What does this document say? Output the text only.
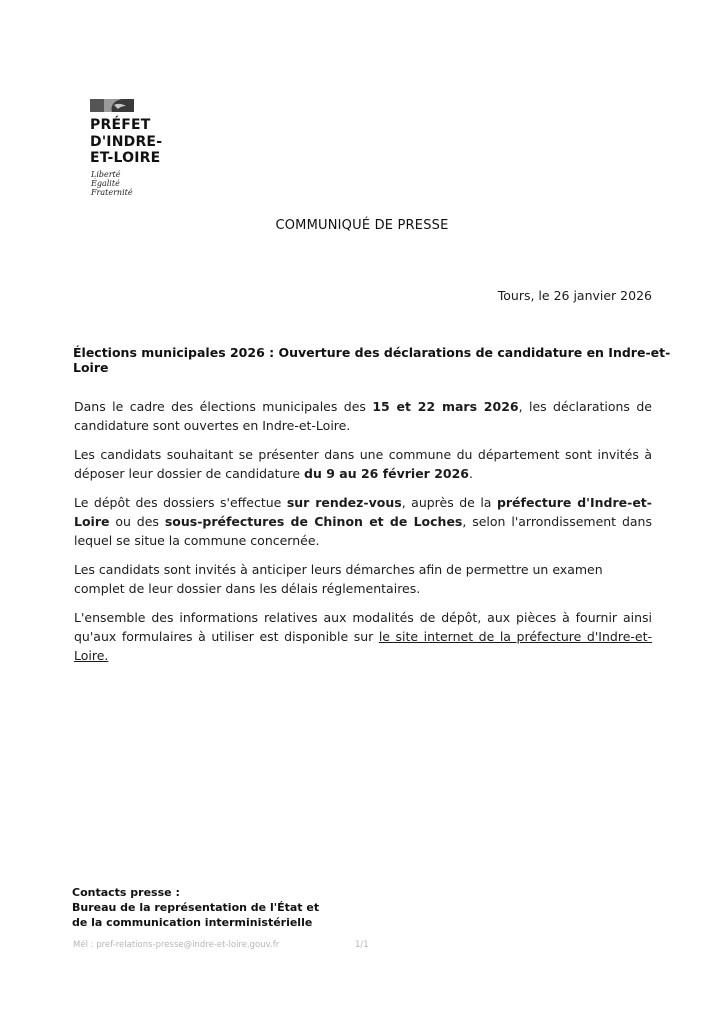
PRÉFET
D'INDRE-
ET-LOIRE
Liberté
Égalité
Fraternité
COMMUNIQUÉ DE PRESSE
Tours, le 26 janvier 2026
Élections municipales 2026 : Ouverture des déclarations de candidature en Indre-et-Loire

Dans le cadre des élections municipales des 15 et 22 mars 2026, les déclarations de candidature sont ouvertes en Indre-et-Loire.

Les candidats souhaitant se présenter dans une commune du département sont invités à déposer leur dossier de candidature du 9 au 26 février 2026.

Le dépôt des dossiers s'effectue sur rendez-vous, auprès de la préfecture d'Indre-et-Loire ou des sous-préfectures de Chinon et de Loches, selon l'arrondissement dans lequel se situe la commune concernée.

Les candidats sont invités à anticiper leurs démarches afin de permettre un examen complet de leur dossier dans les délais réglementaires.

L'ensemble des informations relatives aux modalités de dépôt, aux pièces à fournir ainsi qu'aux formulaires à utiliser est disponible sur le site internet de la préfecture d'Indre-et-Loire.

Contacts presse :
Bureau de la représentation de l'État et
de la communication interministérielle
Mél : pref-relations-presse@indre-et-loire.gouv.fr	1/1
